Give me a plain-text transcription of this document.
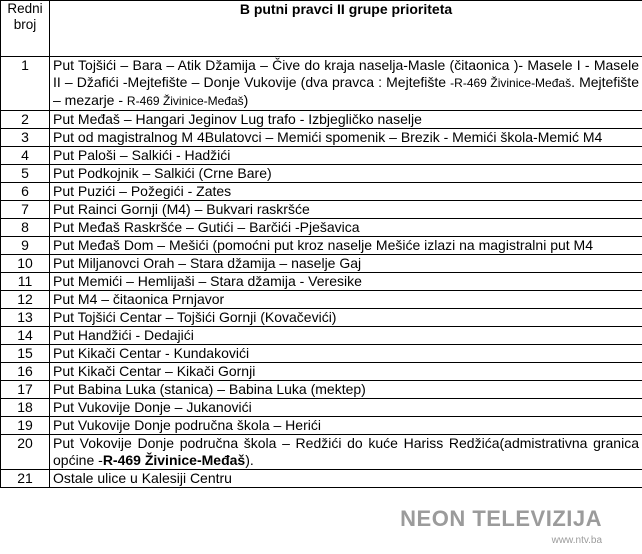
Redni broj	B putni pravci II grupe prioriteta
1	Put Tojšići – Bara – Atik Džamija – Čive do kraja naselja-Masle (čitaonica )- Masele I - Masele II – Džafići -Mejtefište – Donje Vukovije (dva pravca : Mejtefište -R-469 Živinice-Međaš. Mejtefište – mezarje - R-469 Živinice-Međaš)
2	Put Međaš – Hangari Jeginov Lug trafo - Izbjegličko naselje
3	Put od magistralnog M 4Bulatovci – Memići spomenik – Brezik - Memići škola-Memić M4
4	Put Paloši – Salkići - Hadžići
5	Put Podkojnik – Salkići (Crne Bare)
6	Put Puzići – Požegići - Zates
7	Put Rainci Gornji (M4) – Bukvari raskršće
8	Put Međaš Raskršće – Gutići – Barčići -Pješavica
9	Put Međaš Dom – Mešići (pomoćni put kroz naselje Mešiće izlazi na magistralni put M4
10	Put Miljanovci Orah – Stara džamija – naselje Gaj
11	Put Memići – Hemlijaši – Stara džamija - Veresike
12	Put M4 – čitaonica Prnjavor
13	Put Tojšići Centar – Tojšići Gornji (Kovačevići)
14	Put Handžići - Dedajići
15	Put Kikači Centar - Kundakovići
16	Put Kikači Centar – Kikači Gornji
17	Put Babina Luka (stanica) – Babina Luka (mektep)
18	Put Vukovije Donje – Jukanovići
19	Put Vukovije Donje područna škola – Herići
20	Put Vokovije Donje područna škola – Redžići do kuće Hariss Redžića(admistrativna granica općine -R-469 Živinice-Međaš).
21	Ostale ulice u Kalesiji Centru
NEON TELEVIZIJA
www.ntv.ba
